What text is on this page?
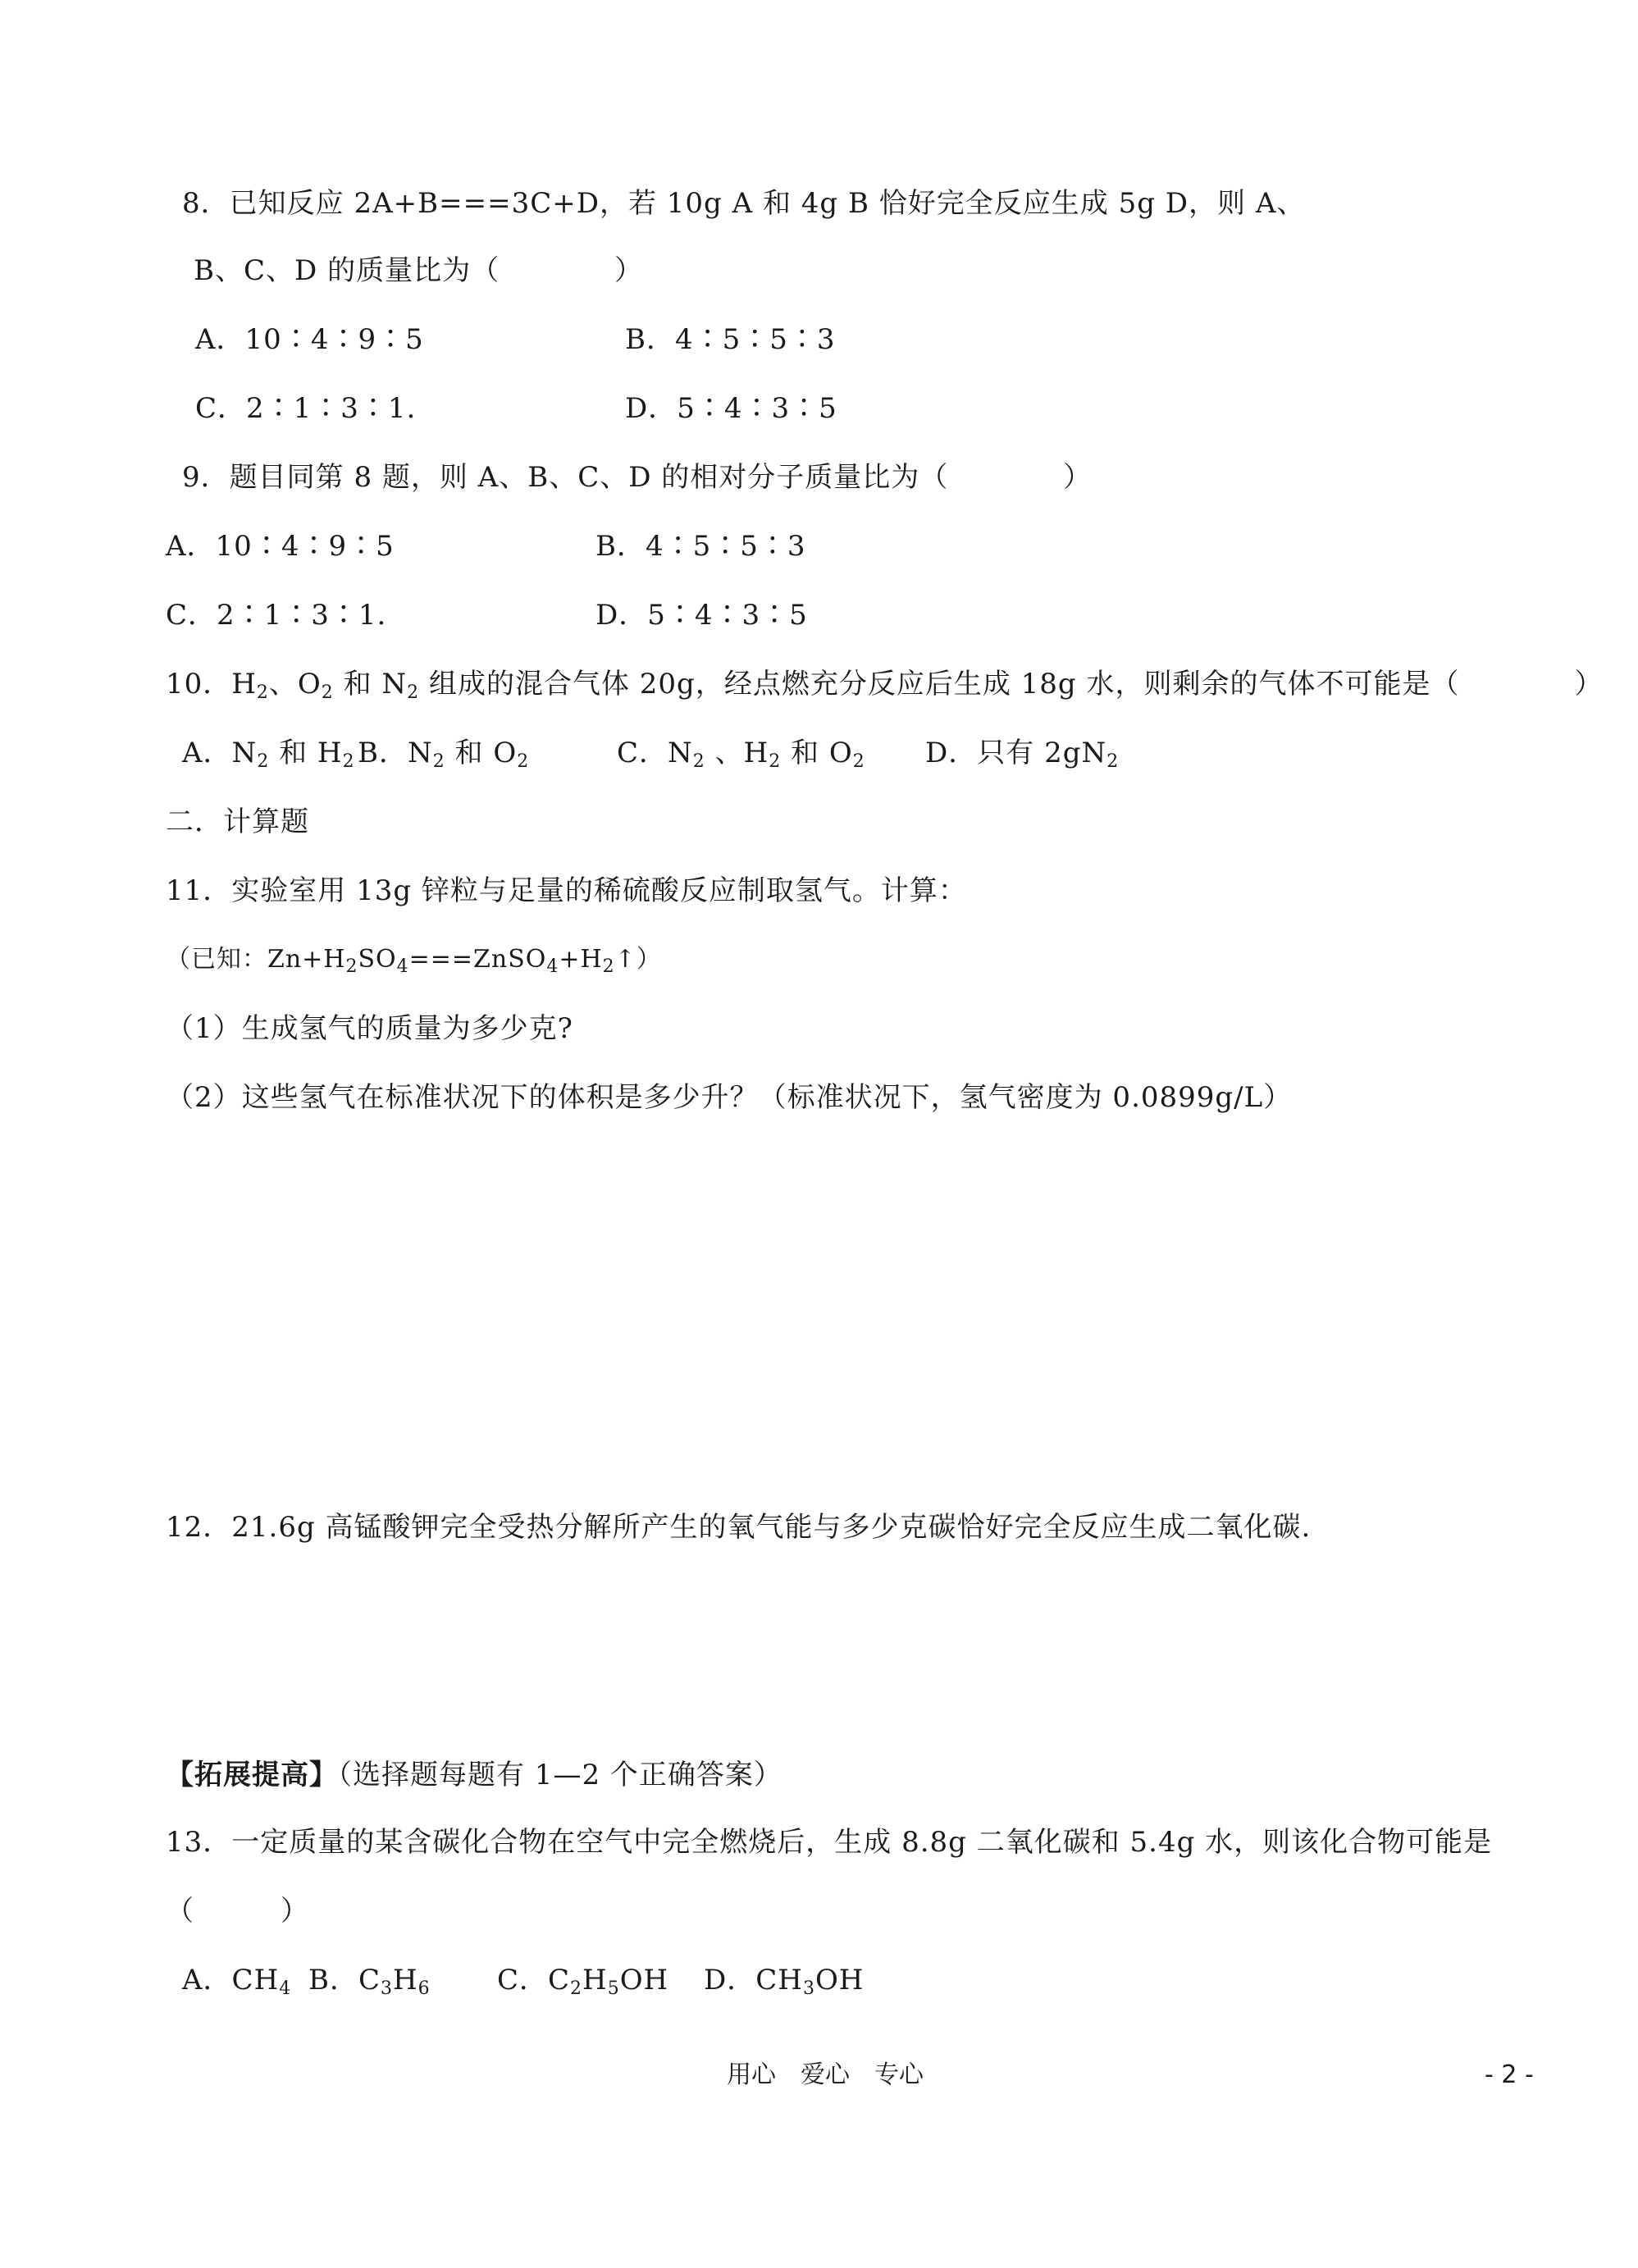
8．已知反应 2A+B===3C+D，若 10g A 和 4g B 恰好完全反应生成 5g D，则 A、
B、C、D 的质量比为（　　　　）
A．10∶4∶9∶5	B．4∶5∶5∶3
C．2∶1∶3∶1.	D．5∶4∶3∶5
9．题目同第 8 题，则 A、B、C、D 的相对分子质量比为（　　　　）
A．10∶4∶9∶5	B．4∶5∶5∶3
C．2∶1∶3∶1.	D．5∶4∶3∶5
10．$H_2$、$O_2$ 和 $N_2$ 组成的混合气体 20g，经点燃充分反应后生成 18g 水，则剩余的气体不可能是（　　　　）
A．$N_2$ 和 $H_2$ B．$N_2$ 和 $O_2$	C．$N_2$ 、$H_2$ 和 $O_2$ D．只有 $2gN_2$
二．计算题
11．实验室用 13g 锌粒与足量的稀硫酸反应制取氢气。计算：
（已知：$Zn+H_2SO_4===ZnSO_4+H_2↑$）
（1）生成氢气的质量为多少克?
（2）这些氢气在标准状况下的体积是多少升？（标准状况下，氢气密度为 0.0899g/L）
12．21.6g 高锰酸钾完全受热分解所产生的氧气能与多少克碳恰好完全反应生成二氧化碳.
【拓展提高】（选择题每题有 1—2 个正确答案）
13．一定质量的某含碳化合物在空气中完全燃烧后，生成 8.8g 二氧化碳和 5.4g 水，则该化合物可能是
（　　　）
A．$CH_4$ B．$C_3H_6$ C．$C_2H_5OH$ D．$CH_3OH$
用心　爱心　专心	- 2 -
